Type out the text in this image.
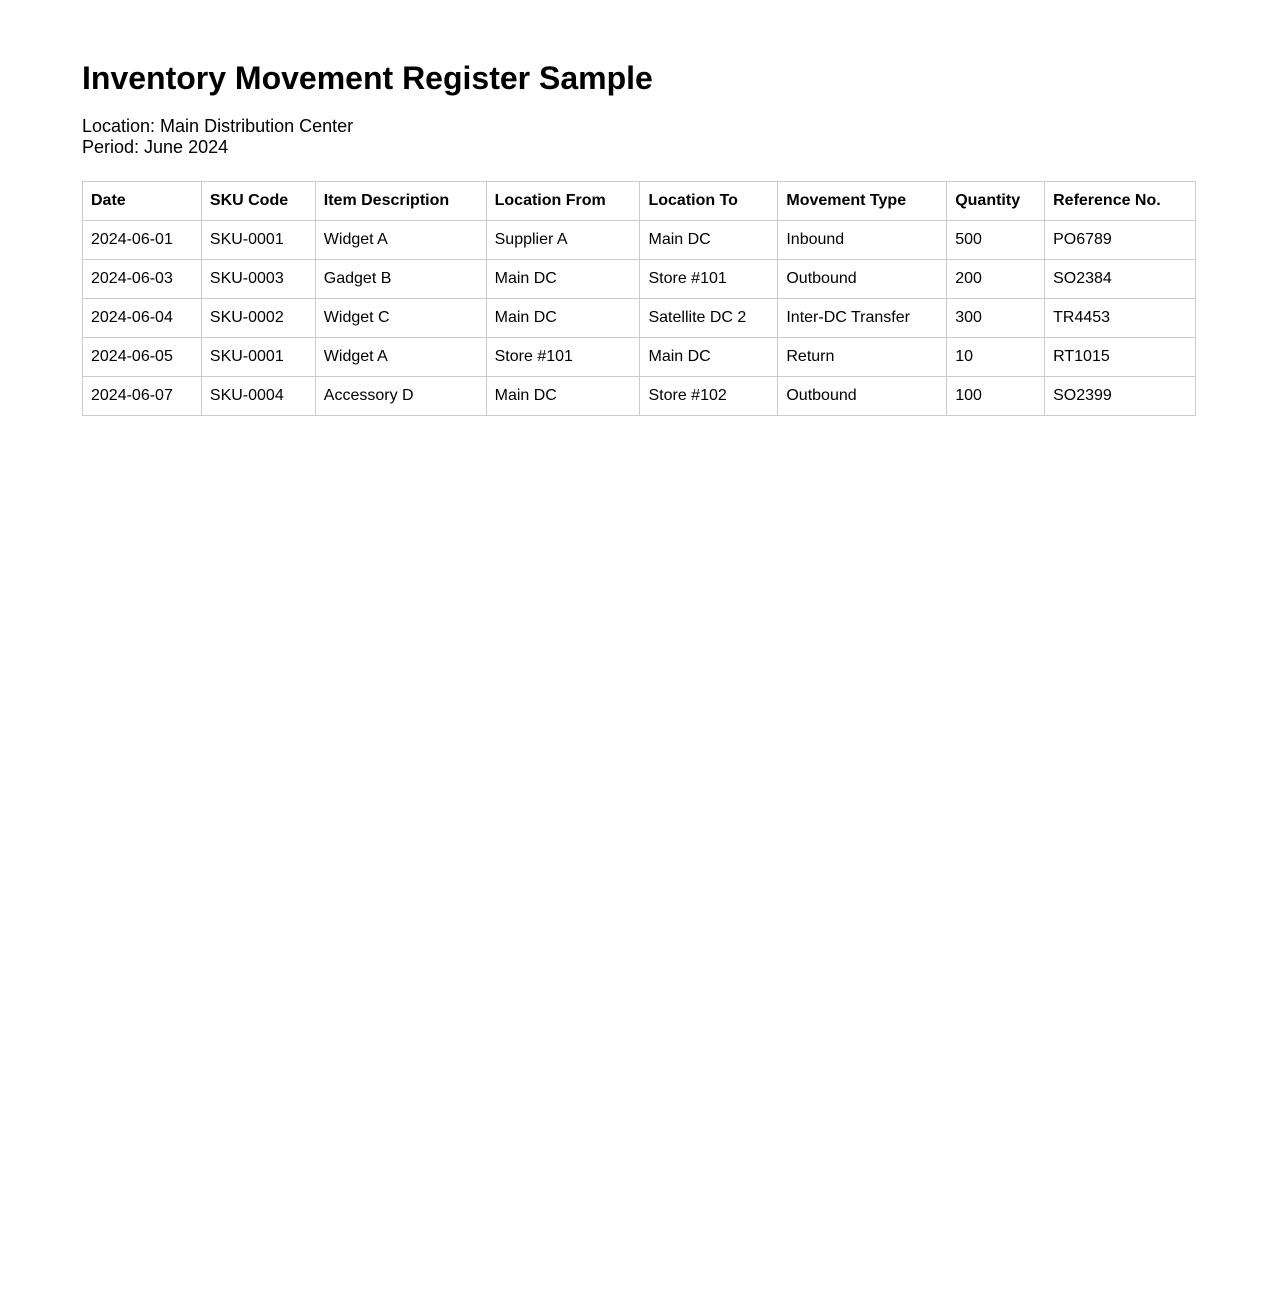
Inventory Movement Register Sample
Location: Main Distribution Center
Period: June 2024
Date	SKU Code	Item Description	Location From	Location To	Movement Type	Quantity	Reference No.
2024-06-01	SKU-0001	Widget A	Supplier A	Main DC	Inbound	500	PO6789
2024-06-03	SKU-0003	Gadget B	Main DC	Store #101	Outbound	200	SO2384
2024-06-04	SKU-0002	Widget C	Main DC	Satellite DC 2	Inter-DC Transfer	300	TR4453
2024-06-05	SKU-0001	Widget A	Store #101	Main DC	Return	10	RT1015
2024-06-07	SKU-0004	Accessory D	Main DC	Store #102	Outbound	100	SO2399
